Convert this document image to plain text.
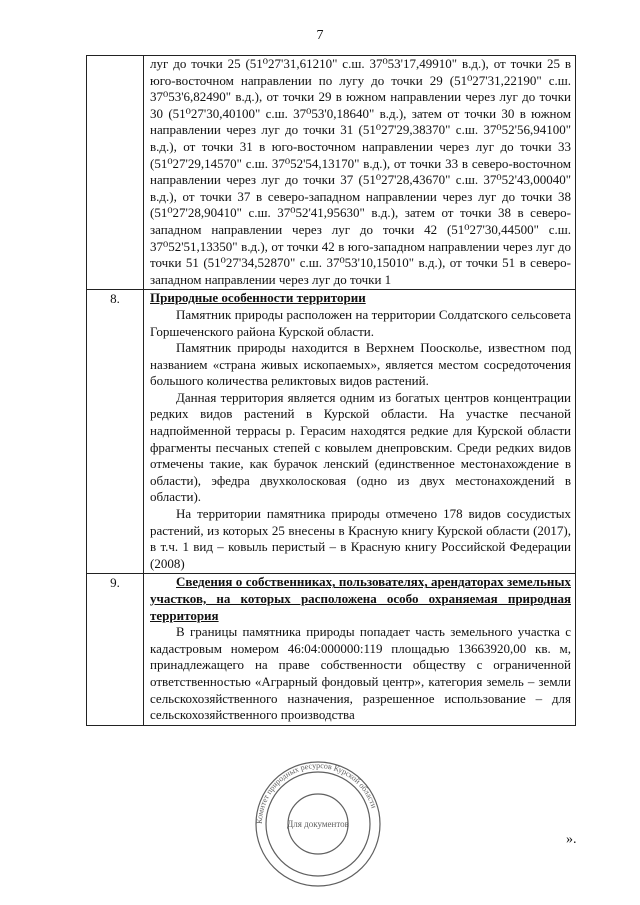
7

	луг до точки 25 (51⁰27'31,61210" с.ш. 37⁰53'17,49910" в.д.), от точки 25 в юго-восточном направлении по лугу до точки 29 (51⁰27'31,22190" с.ш. 37⁰53'6,82490" в.д.), от точки 29 в южном направлении через луг до точки 30 (51⁰27'30,40100" с.ш. 37⁰53'0,18640" в.д.), затем от точки 30 в южном направлении через луг до точки 31 (51⁰27'29,38370" с.ш. 37⁰52'56,94100" в.д.), от точки 31 в юго-восточном направлении через луг до точки 33 (51⁰27'29,14570" с.ш. 37⁰52'54,13170" в.д.), от точки 33 в северо-восточном направлении через луг до точки 37 (51⁰27'28,43670" с.ш. 37⁰52'43,00040" в.д.), от точки 37 в северо-западном направлении через луг до точки 38 (51⁰27'28,90410" с.ш. 37⁰52'41,95630" в.д.), затем от точки 38 в северо-западном направлении через луг до точки 42 (51⁰27'30,44500" с.ш. 37⁰52'51,13350" в.д.), от точки 42 в юго-западном направлении через луг до точки 51 (51⁰27'34,52870" с.ш. 37⁰53'10,15010" в.д.), от точки 51 в северо-западном направлении через луг до точки 1

8.	Природные особенности территории

Памятник природы расположен на территории Солдатского сельсовета Горшеченского района Курской области.

Памятник природы находится в Верхнем Поосколье, известном под названием «страна живых ископаемых», является местом сосредоточения большого количества реликтовых видов растений.

Данная территория является одним из богатых центров концентрации редких видов растений в Курской области. На участке песчаной надпойменной террасы р. Герасим находятся редкие для Курской области фрагменты песчаных степей с ковылем днепровским. Среди редких видов отмечены такие, как бурачок ленский (единственное местонахождение в области), эфедра двухколосковая (одно из двух местонахождений в области).

На территории памятника природы отмечено 178 видов сосудистых растений, из которых 25 внесены в Красную книгу Курской области (2017), в т.ч. 1 вид – ковыль перистый – в Красную книгу Российской Федерации (2008)

9.	Сведения о собственниках, пользователях, арендаторах земельных участков, на которых расположена особо охраняемая природная территория

В границы памятника природы попадает часть земельного участка с кадастровым номером 46:04:000000:119 площадью 13663920,00 кв. м, принадлежащего на праве собственности обществу с ограниченной ответственностью «Аграрный фондовый центр», категория земель – земли сельскохозяйственного назначения, разрешенное использование – для сельскохозяйственного производства

».
Комитет природных ресурсов Курской области
Для документов
